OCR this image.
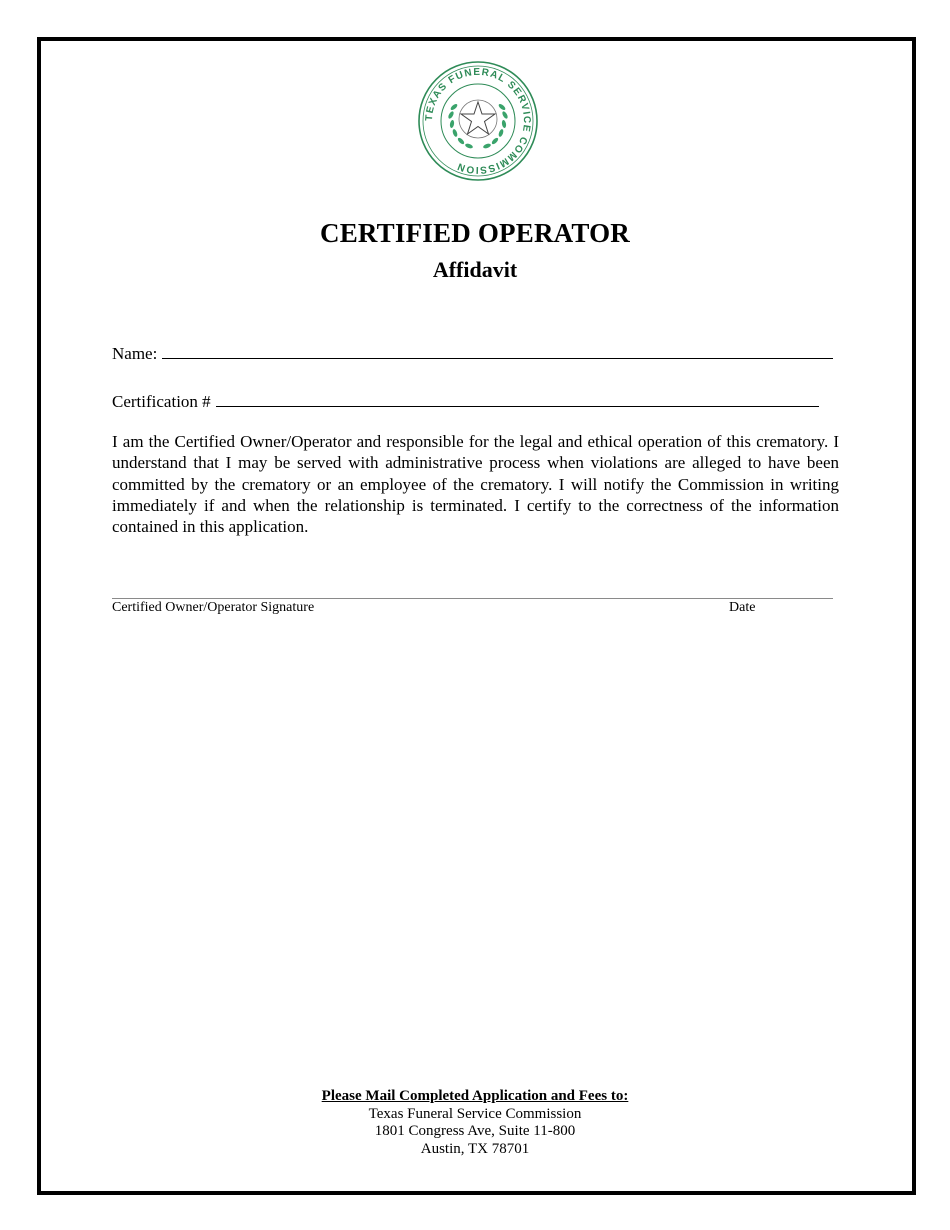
TEXAS FUNERAL SERVICE COMMISSION
CERTIFIED OPERATOR
Affidavit
Name:
Certification #

I am the Certified Owner/Operator and responsible for the legal and ethical operation of this crematory. I understand that I may be served with administrative process when violations are alleged to have been committed by the crematory or an employee of the crematory. I will notify the Commission in writing immediately if and when the relationship is terminated. I certify to the correctness of the information contained in this application.

Certified Owner/Operator Signature	Date
Please Mail Completed Application and Fees to:
Texas Funeral Service Commission
1801 Congress Ave, Suite 11-800
Austin, TX 78701
